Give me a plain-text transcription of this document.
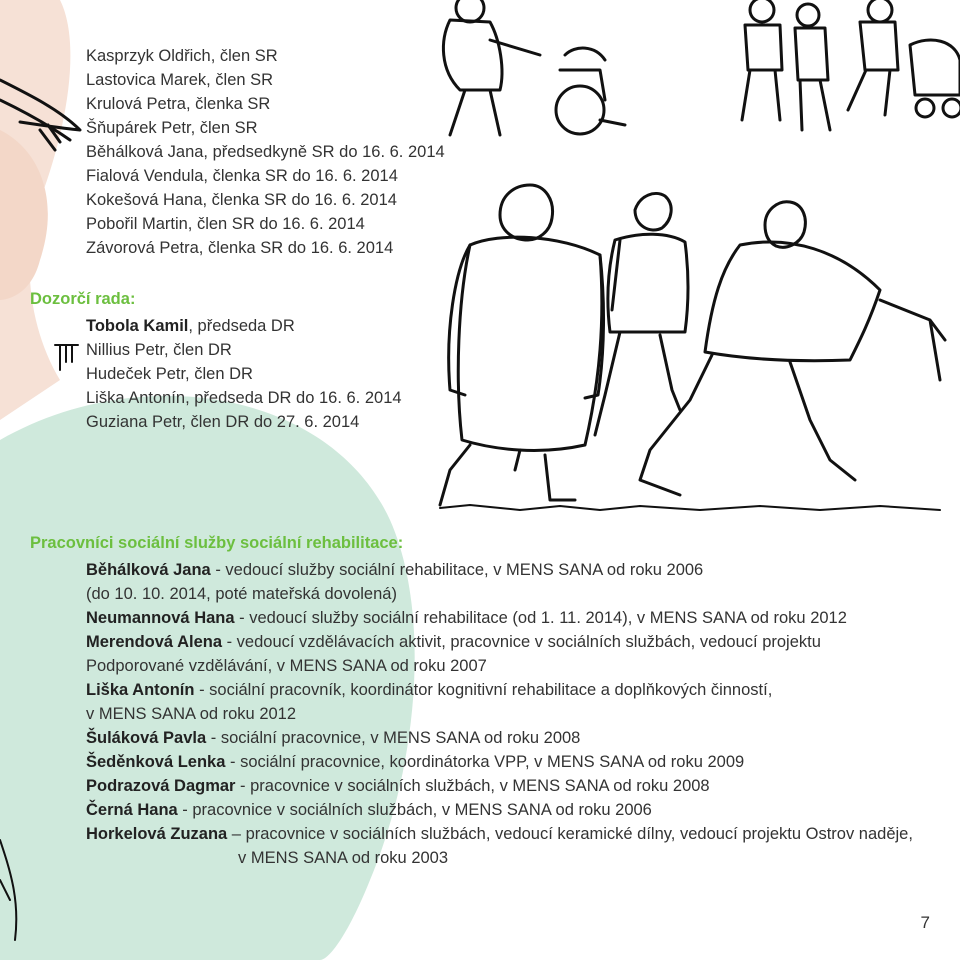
Kasprzyk Oldřich, člen SR
Lastovica Marek, člen SR
Krulová Petra, členka SR
Šňupárek Petr, člen SR
Běhálková Jana, předsedkyně SR do 16. 6. 2014
Fialová Vendula, členka SR do 16. 6. 2014
Kokešová Hana, členka SR do 16. 6. 2014
Pobořil Martin, člen SR do 16. 6. 2014
Závorová Petra, členka SR do 16. 6. 2014
Dozorčí rada:
Tobola Kamil, předseda DR
Nillius Petr, člen DR
Hudeček Petr, člen DR
Liška Antonín, předseda DR do 16. 6. 2014
Guziana Petr, člen DR do 27. 6. 2014
Pracovníci sociální služby sociální rehabilitace:
Běhálková Jana - vedoucí služby sociální rehabilitace, v MENS SANA od roku 2006
(do 10. 10. 2014, poté mateřská dovolená)
Neumannová Hana - vedoucí služby sociální rehabilitace (od 1. 11. 2014), v MENS SANA od roku 2012
Merendová Alena - vedoucí vzdělávacích aktivit, pracovnice v sociálních službách, vedoucí projektu
Podporované vzdělávání, v MENS SANA od roku 2007
Liška Antonín - sociální pracovník, koordinátor kognitivní rehabilitace a doplňkových činností,
v MENS SANA od roku 2012
Šuláková Pavla - sociální pracovnice, v MENS SANA od roku 2008
Šeděnková Lenka - sociální pracovnice, koordinátorka VPP, v MENS SANA od roku 2009
Podrazová Dagmar - pracovnice v sociálních službách, v MENS SANA od roku 2008
Černá Hana - pracovnice v sociálních službách, v MENS SANA od roku 2006
Horkelová Zuzana – pracovnice v sociálních službách, vedoucí keramické dílny, vedoucí projektu Ostrov naděje,
v MENS SANA od roku 2003
7
